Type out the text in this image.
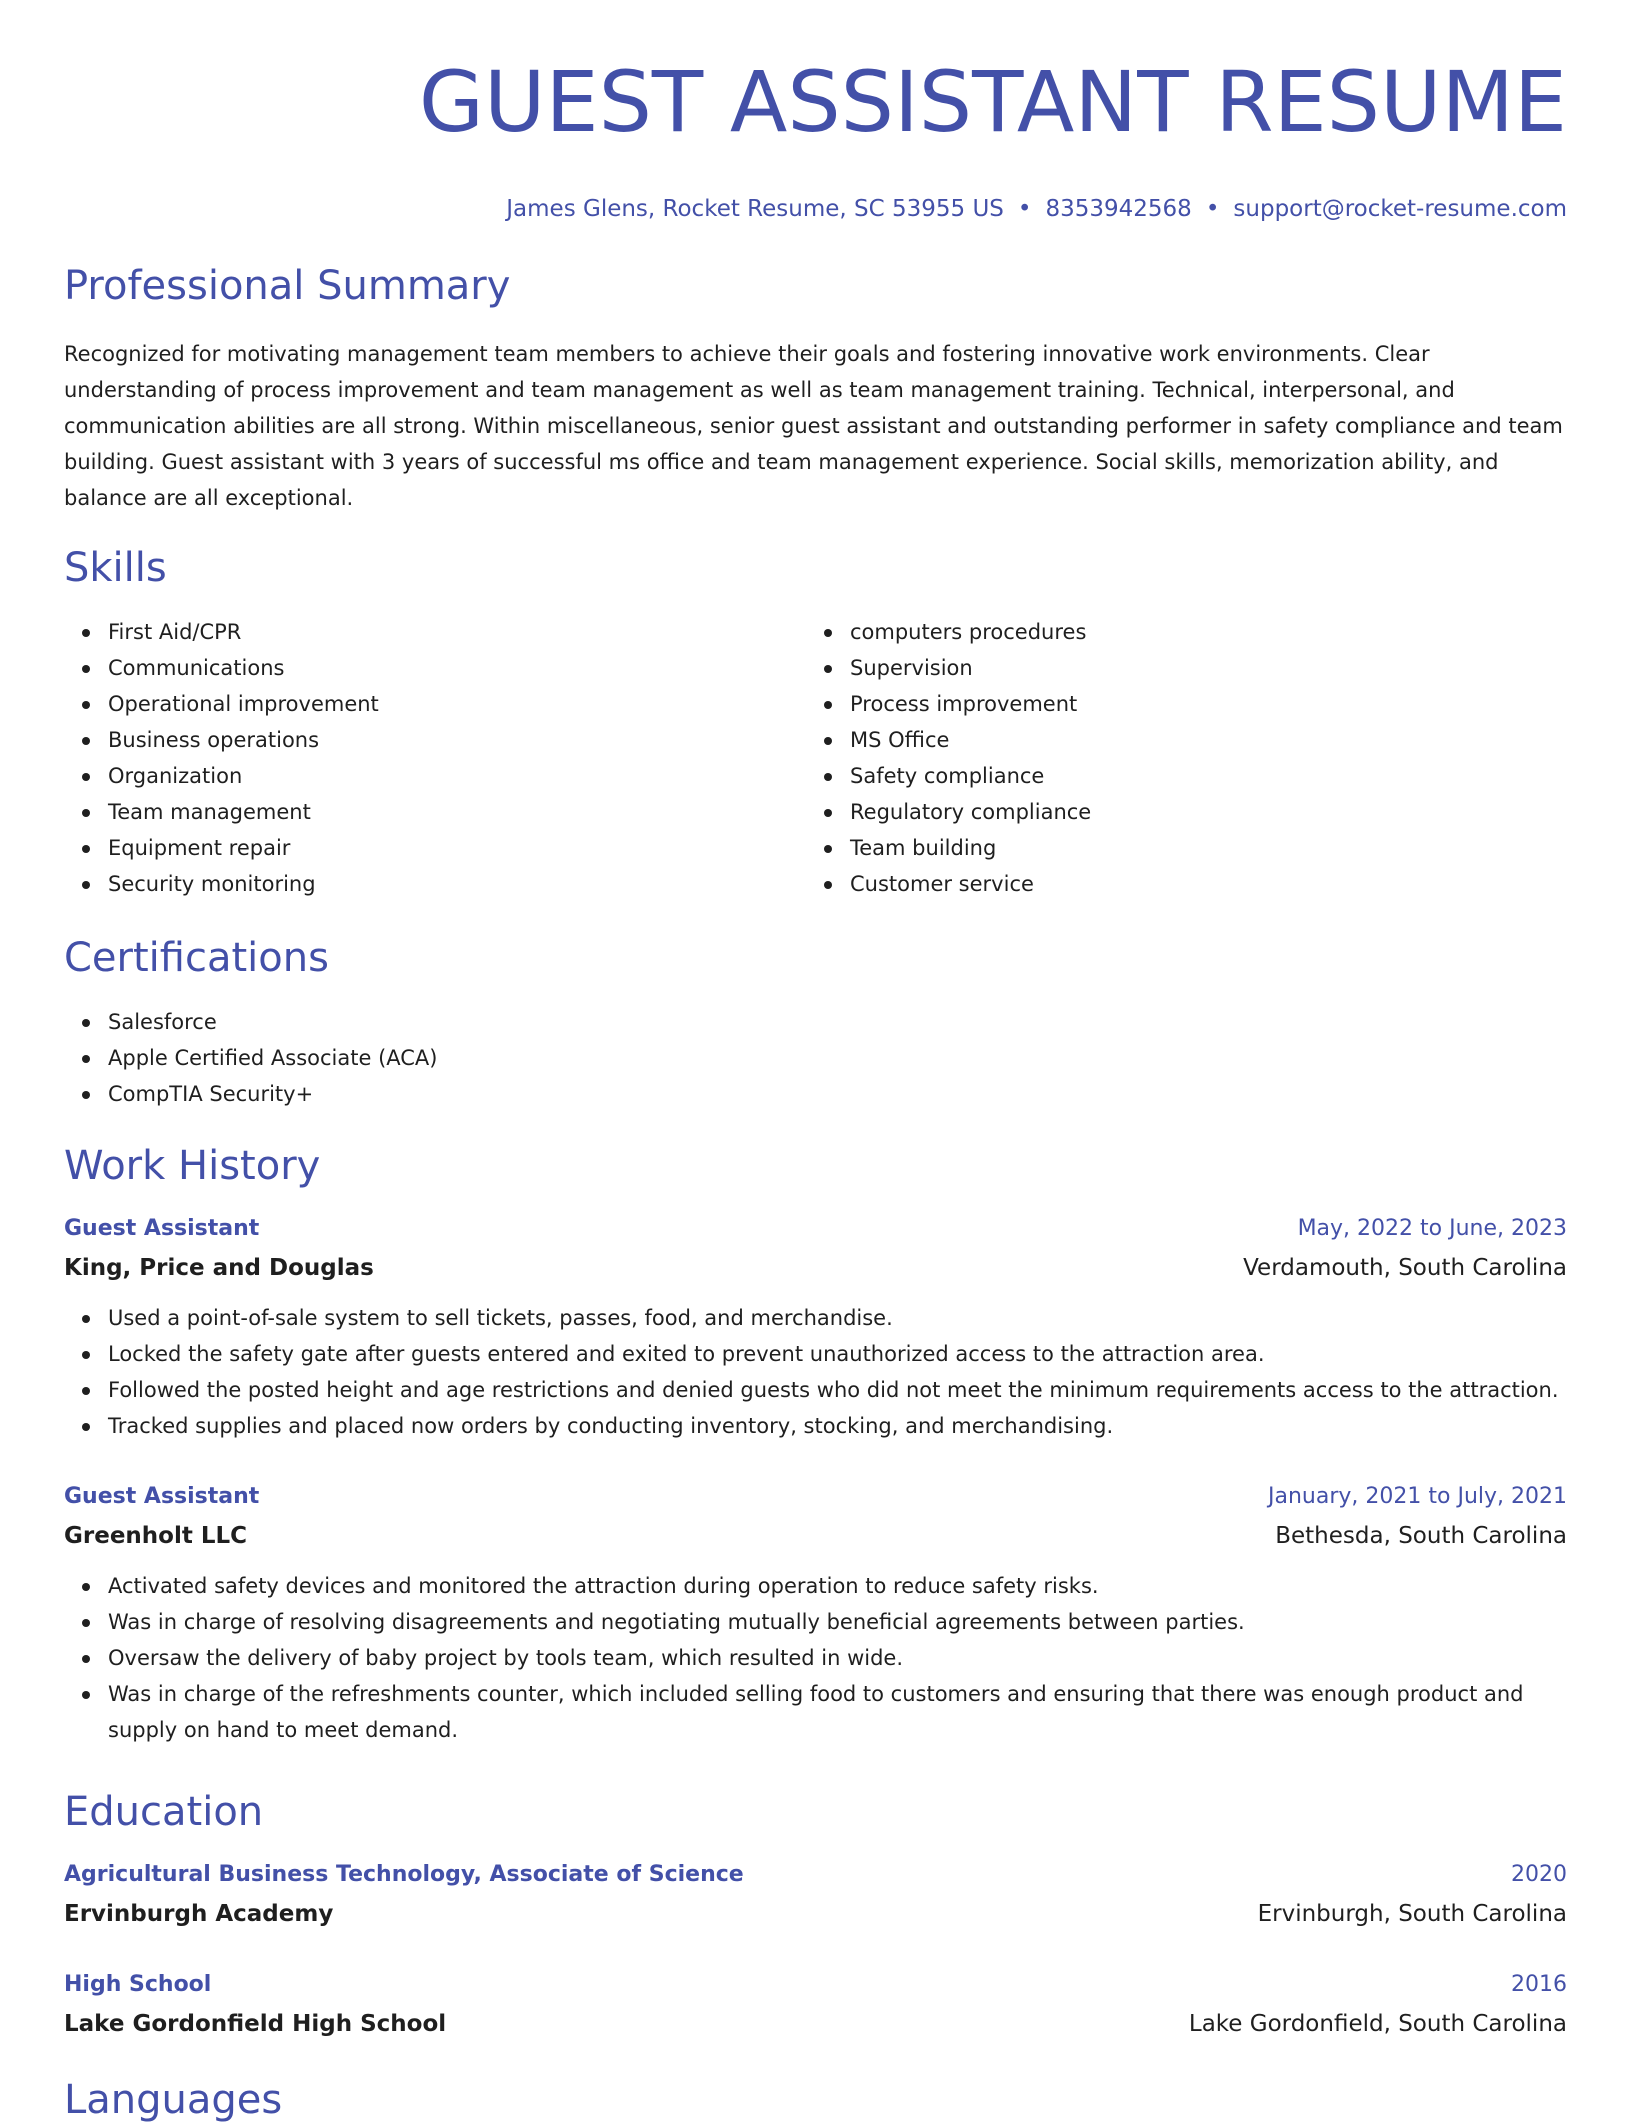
GUEST ASSISTANT RESUME
James Glens, Rocket Resume, SC 53955 US • 8353942568 • support@rocket-resume.com
Professional Summary

Recognized for motivating management team members to achieve their goals and fostering innovative work environments. Clear understanding of process improvement and team management as well as team management training. Technical, interpersonal, and communication abilities are all strong. Within miscellaneous, senior guest assistant and outstanding performer in safety compliance and team building. Guest assistant with 3 years of successful ms office and team management experience. Social skills, memorization ability, and balance are all exceptional.

Skills
First Aid/CPR
Communications
Operational improvement
Business operations
Organization
Team management
Equipment repair
Security monitoring
computers procedures
Supervision
Process improvement
MS Office
Safety compliance
Regulatory compliance
Team building
Customer service
Certifications
Salesforce
Apple Certified Associate (ACA)
CompTIA Security+
Work History
Guest Assistant	May, 2022 to June, 2023
King, Price and Douglas	Verdamouth, South Carolina
Used a point-of-sale system to sell tickets, passes, food, and merchandise.
Locked the safety gate after guests entered and exited to prevent unauthorized access to the attraction area.
Followed the posted height and age restrictions and denied guests who did not meet the minimum requirements access to the attraction.
Tracked supplies and placed now orders by conducting inventory, stocking, and merchandising.
Guest Assistant	January, 2021 to July, 2021
Greenholt LLC	Bethesda, South Carolina
Activated safety devices and monitored the attraction during operation to reduce safety risks.
Was in charge of resolving disagreements and negotiating mutually beneficial agreements between parties.
Oversaw the delivery of baby project by tools team, which resulted in wide.
Was in charge of the refreshments counter, which included selling food to customers and ensuring that there was enough product and supply on hand to meet demand.
Education
Agricultural Business Technology, Associate of Science	2020
Ervinburgh Academy	Ervinburgh, South Carolina
High School	2016
Lake Gordonfield High School	Lake Gordonfield, South Carolina
Languages
